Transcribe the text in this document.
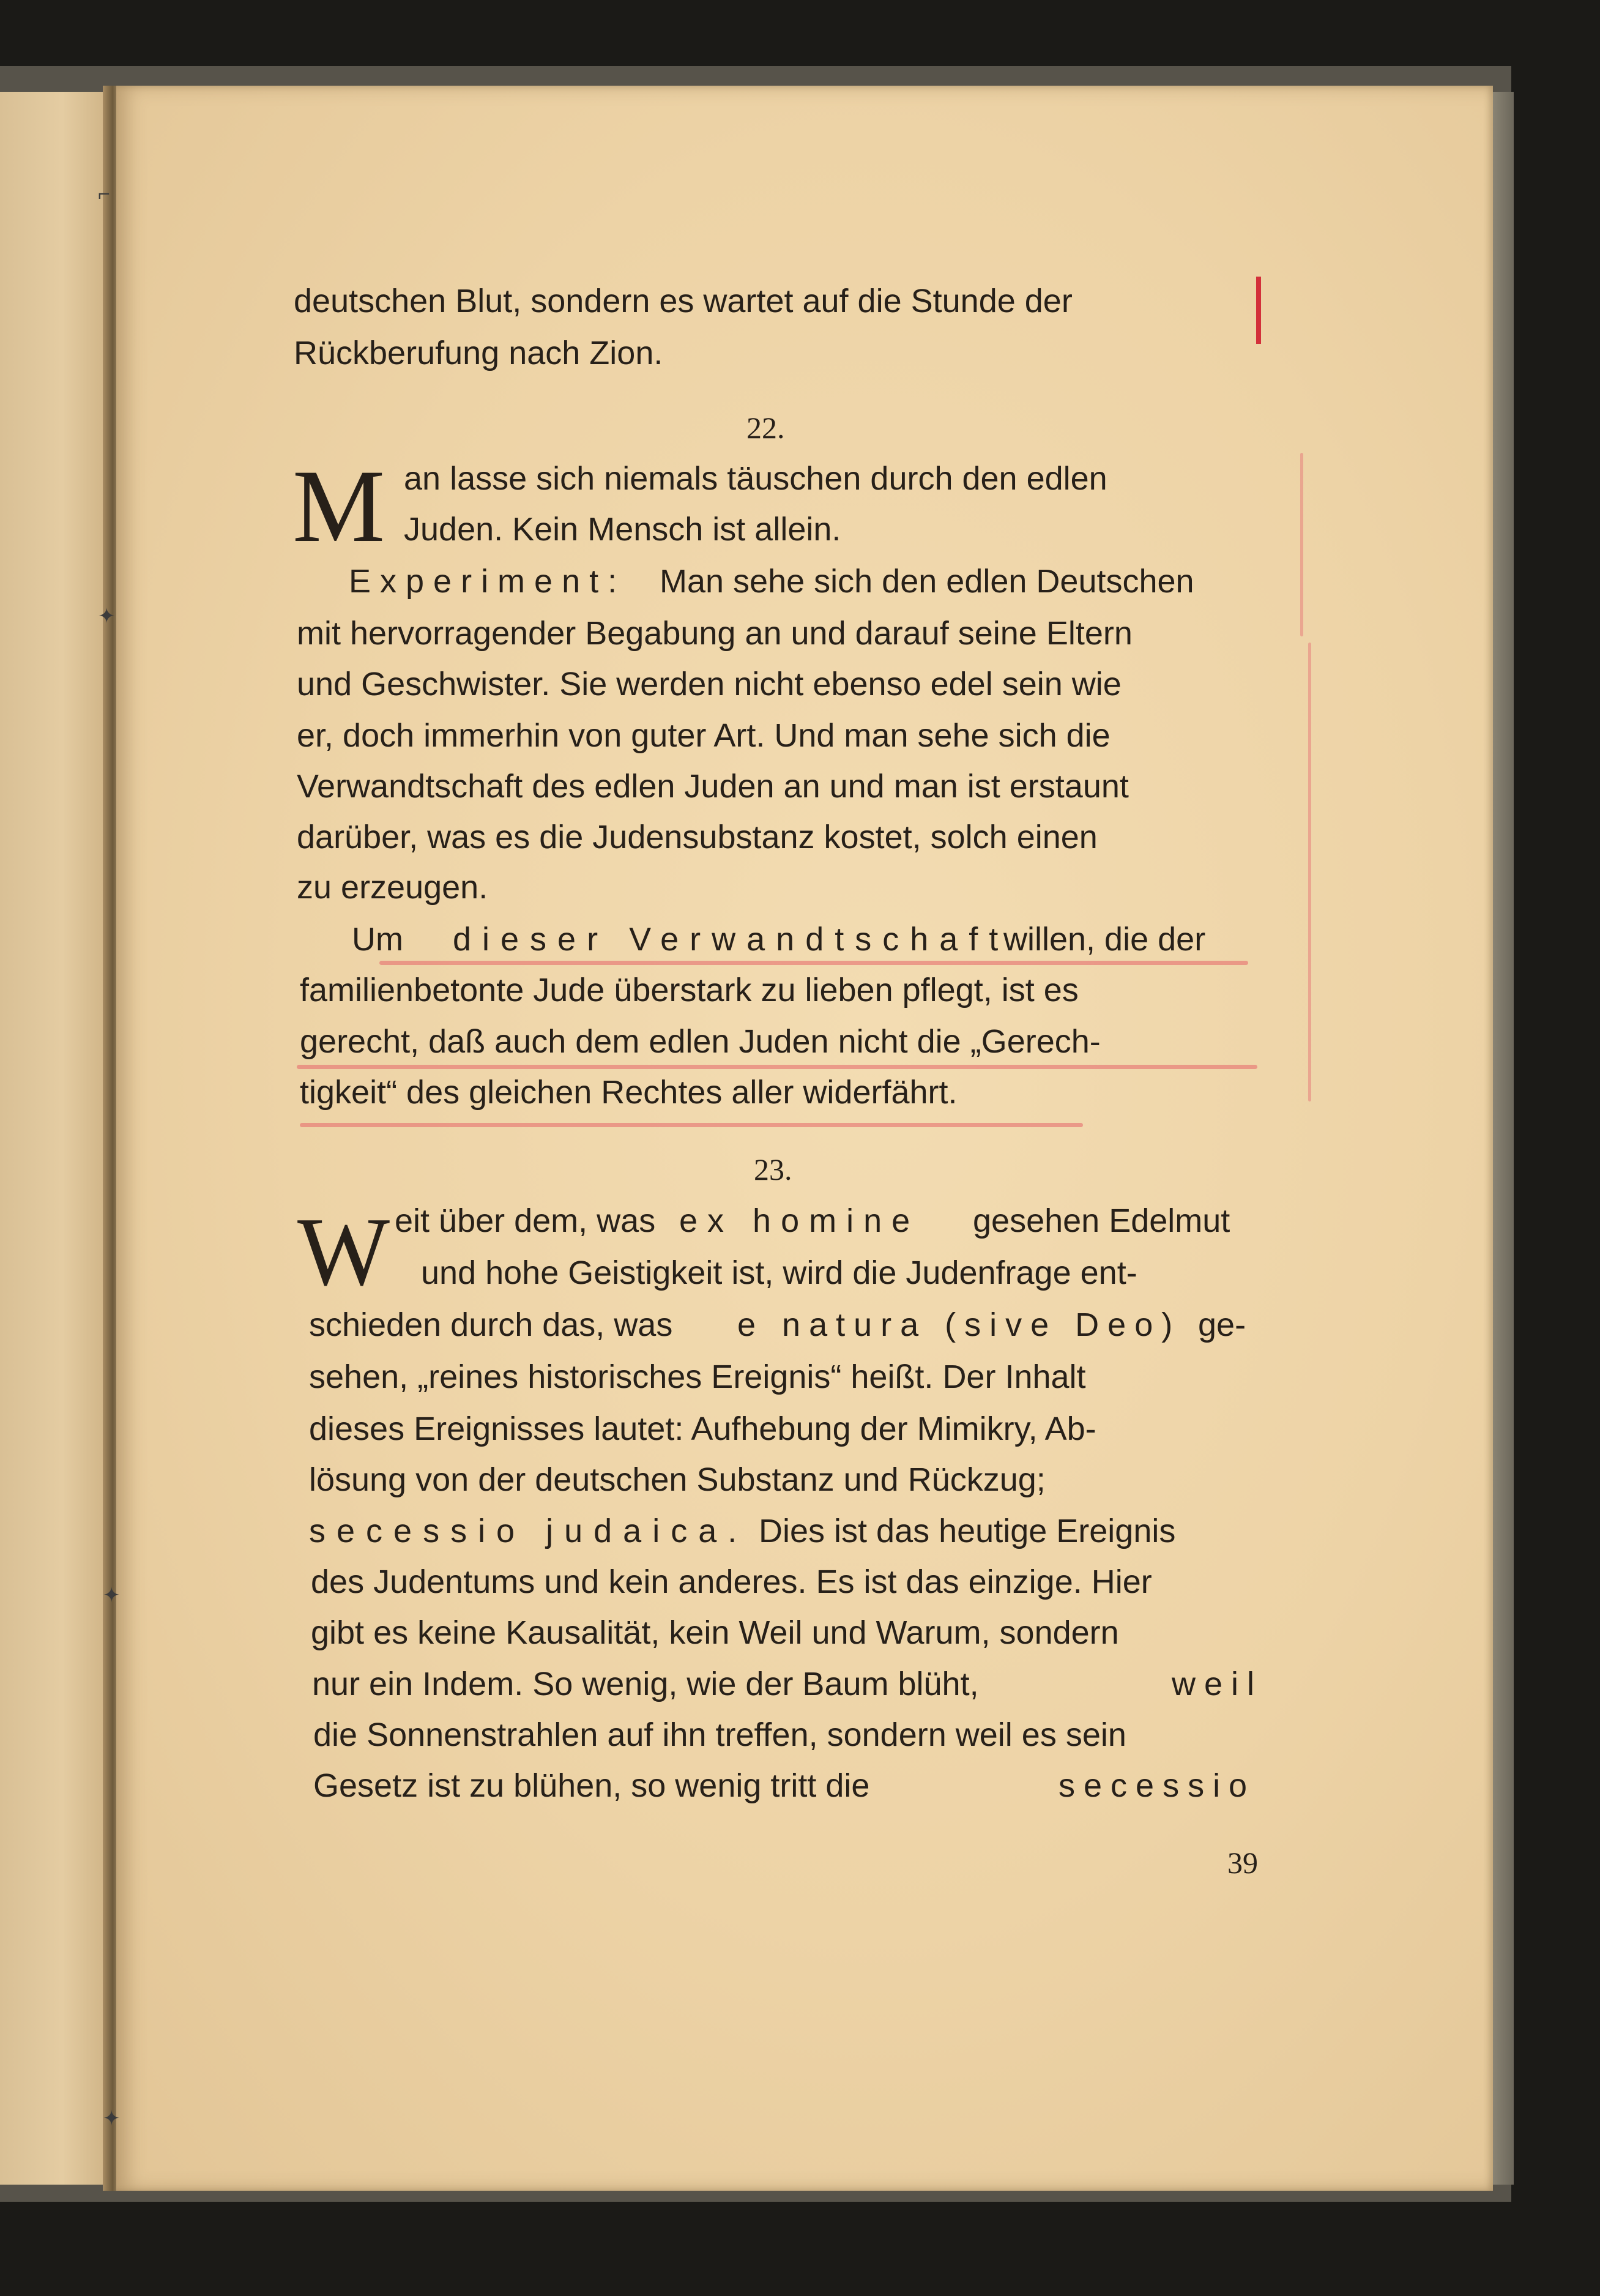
⌐
✦
✦
✦
deutschen Blut, sondern es wartet auf die Stunde der
Rückberufung nach Zion.
22.
M an lasse sich niemals täuschen durch den edlen
Juden. Kein Mensch ist allein.
Experiment: Man sehe sich den edlen Deutschen
mit hervorragender Begabung an und darauf seine Eltern
und Geschwister. Sie werden nicht ebenso edel sein wie
er, doch immerhin von guter Art. Und man sehe sich die
Verwandtschaft des edlen Juden an und man ist erstaunt
darüber, was es die Judensubstanz kostet, solch einen
zu erzeugen.
Um dieser Verwandtschaft
willen, die der
familienbetonte Jude überstark zu lieben pflegt, ist es
gerecht, daß auch dem edlen Juden nicht die „Gerech-
tigkeit“ des gleichen Rechtes aller widerfährt.
23.
W eit über dem, was ex homine gesehen Edelmut
und hohe Geistigkeit ist, wird die Judenfrage ent-
schieden durch das, was e natura (sive Deo) ge-
sehen, „reines historisches Ereignis“ heißt. Der Inhalt
dieses Ereignisses lautet: Aufhebung der Mimikry, Ab-
lösung von der deutschen Substanz und Rückzug;
secessio judaica. Dies ist das heutige Ereignis
des Judentums und kein anderes. Es ist das einzige. Hier
gibt es keine Kausalität, kein Weil und Warum, sondern
nur ein Indem. So wenig, wie der Baum blüht,	weil
die Sonnenstrahlen auf ihn treffen, sondern weil es sein
Gesetz ist zu blühen, so wenig tritt die	secessio
39
